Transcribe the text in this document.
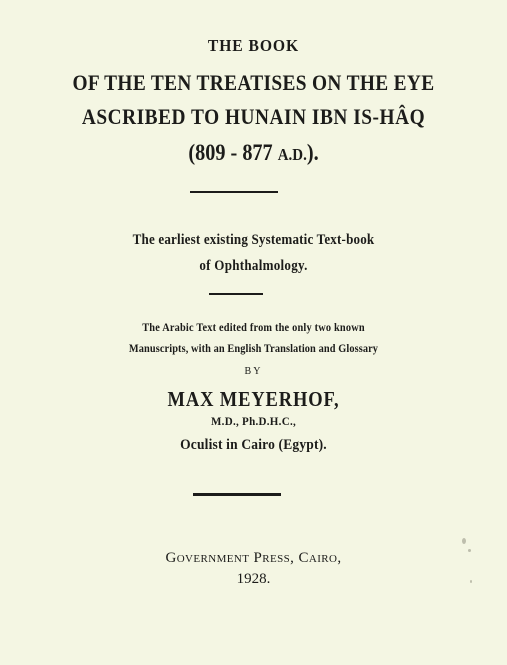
THE BOOK
OF THE TEN TREATISES ON THE EYE
ASCRIBED TO HUNAIN IBN IS-HÂQ
(809 - 877 A.D.).
The earliest existing Systematic Text-book
of Ophthalmology.
The Arabic Text edited from the only two known
Manuscripts, with an English Translation and Glossary
BY
MAX MEYERHOF,
M.D., Ph.D.H.C.,
Oculist in Cairo (Egypt).
Government Press, Cairo,
1928.
